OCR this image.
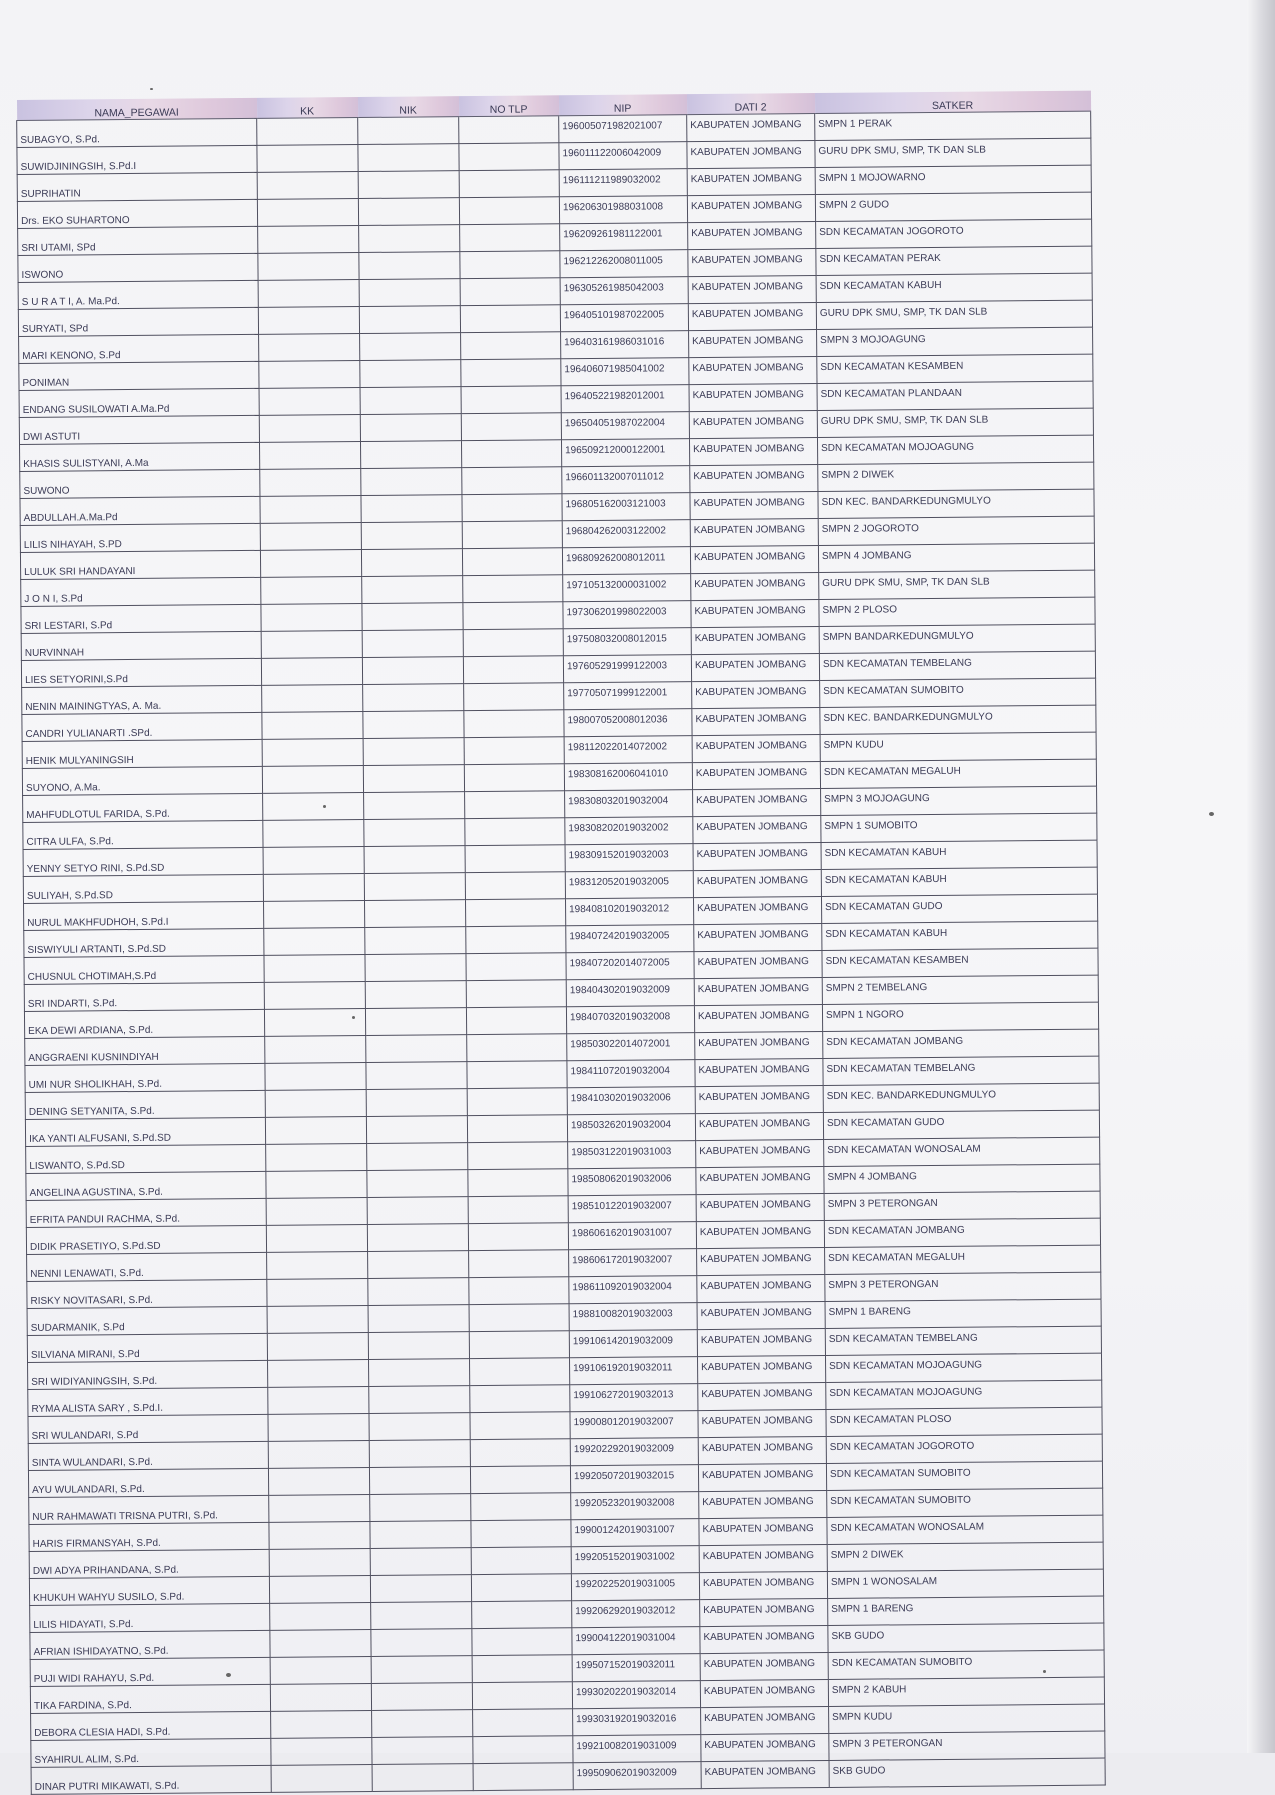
NAMA_PEGAWAI	KK	NIK	NO TLP	NIP	DATI 2	SATKER
SUBAGYO, S.Pd.				196005071982021007	KABUPATEN JOMBANG	SMPN 1 PERAK
SUWIDJININGSIH, S.Pd.I				196011122006042009	KABUPATEN JOMBANG	GURU DPK SMU, SMP, TK DAN SLB
SUPRIHATIN				196111211989032002	KABUPATEN JOMBANG	SMPN 1 MOJOWARNO
Drs. EKO SUHARTONO				196206301988031008	KABUPATEN JOMBANG	SMPN 2 GUDO
SRI UTAMI, SPd				196209261981122001	KABUPATEN JOMBANG	SDN KECAMATAN JOGOROTO
ISWONO				196212262008011005	KABUPATEN JOMBANG	SDN KECAMATAN PERAK
S U R A T I, A. Ma.Pd.				196305261985042003	KABUPATEN JOMBANG	SDN KECAMATAN KABUH
SURYATI, SPd				196405101987022005	KABUPATEN JOMBANG	GURU DPK SMU, SMP, TK DAN SLB
MARI KENONO, S.Pd				196403161986031016	KABUPATEN JOMBANG	SMPN 3 MOJOAGUNG
PONIMAN				196406071985041002	KABUPATEN JOMBANG	SDN KECAMATAN KESAMBEN
ENDANG SUSILOWATI A.Ma.Pd				196405221982012001	KABUPATEN JOMBANG	SDN KECAMATAN PLANDAAN
DWI ASTUTI				196504051987022004	KABUPATEN JOMBANG	GURU DPK SMU, SMP, TK DAN SLB
KHASIS SULISTYANI, A.Ma				196509212000122001	KABUPATEN JOMBANG	SDN KECAMATAN MOJOAGUNG
SUWONO				196601132007011012	KABUPATEN JOMBANG	SMPN 2 DIWEK
ABDULLAH.A.Ma.Pd				196805162003121003	KABUPATEN JOMBANG	SDN KEC. BANDARKEDUNGMULYO
LILIS NIHAYAH, S.PD				196804262003122002	KABUPATEN JOMBANG	SMPN 2 JOGOROTO
LULUK SRI HANDAYANI				196809262008012011	KABUPATEN JOMBANG	SMPN 4 JOMBANG
J O N I, S.Pd				197105132000031002	KABUPATEN JOMBANG	GURU DPK SMU, SMP, TK DAN SLB
SRI LESTARI, S.Pd				197306201998022003	KABUPATEN JOMBANG	SMPN 2 PLOSO
NURVINNAH				197508032008012015	KABUPATEN JOMBANG	SMPN BANDARKEDUNGMULYO
LIES SETYORINI,S.Pd				197605291999122003	KABUPATEN JOMBANG	SDN KECAMATAN TEMBELANG
NENIN MAININGTYAS, A. Ma.				197705071999122001	KABUPATEN JOMBANG	SDN KECAMATAN SUMOBITO
CANDRI YULIANARTI .SPd.				198007052008012036	KABUPATEN JOMBANG	SDN KEC. BANDARKEDUNGMULYO
HENIK MULYANINGSIH				198112022014072002	KABUPATEN JOMBANG	SMPN KUDU
SUYONO, A.Ma.				198308162006041010	KABUPATEN JOMBANG	SDN KECAMATAN MEGALUH
MAHFUDLOTUL FARIDA, S.Pd.				198308032019032004	KABUPATEN JOMBANG	SMPN 3 MOJOAGUNG
CITRA ULFA, S.Pd.				198308202019032002	KABUPATEN JOMBANG	SMPN 1 SUMOBITO
YENNY SETYO RINI, S.Pd.SD				198309152019032003	KABUPATEN JOMBANG	SDN KECAMATAN KABUH
SULIYAH, S.Pd.SD				198312052019032005	KABUPATEN JOMBANG	SDN KECAMATAN KABUH
NURUL MAKHFUDHOH, S.Pd.I				198408102019032012	KABUPATEN JOMBANG	SDN KECAMATAN GUDO
SISWIYULI ARTANTI, S.Pd.SD				198407242019032005	KABUPATEN JOMBANG	SDN KECAMATAN KABUH
CHUSNUL CHOTIMAH,S.Pd				198407202014072005	KABUPATEN JOMBANG	SDN KECAMATAN KESAMBEN
SRI INDARTI, S.Pd.				198404302019032009	KABUPATEN JOMBANG	SMPN 2 TEMBELANG
EKA DEWI ARDIANA, S.Pd.				198407032019032008	KABUPATEN JOMBANG	SMPN 1 NGORO
ANGGRAENI KUSNINDIYAH				198503022014072001	KABUPATEN JOMBANG	SDN KECAMATAN JOMBANG
UMI NUR SHOLIKHAH, S.Pd.				198411072019032004	KABUPATEN JOMBANG	SDN KECAMATAN TEMBELANG
DENING SETYANITA, S.Pd.				198410302019032006	KABUPATEN JOMBANG	SDN KEC. BANDARKEDUNGMULYO
IKA YANTI ALFUSANI, S.Pd.SD				198503262019032004	KABUPATEN JOMBANG	SDN KECAMATAN GUDO
LISWANTO, S.Pd.SD				198503122019031003	KABUPATEN JOMBANG	SDN KECAMATAN WONOSALAM
ANGELINA AGUSTINA, S.Pd.				198508062019032006	KABUPATEN JOMBANG	SMPN 4 JOMBANG
EFRITA PANDUI RACHMA, S.Pd.				198510122019032007	KABUPATEN JOMBANG	SMPN 3 PETERONGAN
DIDIK PRASETIYO, S.Pd.SD				198606162019031007	KABUPATEN JOMBANG	SDN KECAMATAN JOMBANG
NENNI LENAWATI, S.Pd.				198606172019032007	KABUPATEN JOMBANG	SDN KECAMATAN MEGALUH
RISKY NOVITASARI, S.Pd.				198611092019032004	KABUPATEN JOMBANG	SMPN 3 PETERONGAN
SUDARMANIK, S.Pd				198810082019032003	KABUPATEN JOMBANG	SMPN 1 BARENG
SILVIANA MIRANI, S.Pd				199106142019032009	KABUPATEN JOMBANG	SDN KECAMATAN TEMBELANG
SRI WIDIYANINGSIH, S.Pd.				199106192019032011	KABUPATEN JOMBANG	SDN KECAMATAN MOJOAGUNG
RYMA ALISTA SARY , S.Pd.I.				199106272019032013	KABUPATEN JOMBANG	SDN KECAMATAN MOJOAGUNG
SRI WULANDARI, S.Pd				199008012019032007	KABUPATEN JOMBANG	SDN KECAMATAN PLOSO
SINTA WULANDARI, S.Pd.				199202292019032009	KABUPATEN JOMBANG	SDN KECAMATAN JOGOROTO
AYU WULANDARI, S.Pd.				199205072019032015	KABUPATEN JOMBANG	SDN KECAMATAN SUMOBITO
NUR RAHMAWATI TRISNA PUTRI, S.Pd.				199205232019032008	KABUPATEN JOMBANG	SDN KECAMATAN SUMOBITO
HARIS FIRMANSYAH, S.Pd.				199001242019031007	KABUPATEN JOMBANG	SDN KECAMATAN WONOSALAM
DWI ADYA PRIHANDANA, S.Pd.				199205152019031002	KABUPATEN JOMBANG	SMPN 2 DIWEK
KHUKUH WAHYU SUSILO, S.Pd.				199202252019031005	KABUPATEN JOMBANG	SMPN 1 WONOSALAM
LILIS HIDAYATI, S.Pd.				199206292019032012	KABUPATEN JOMBANG	SMPN 1 BARENG
AFRIAN ISHIDAYATNO, S.Pd.				199004122019031004	KABUPATEN JOMBANG	SKB GUDO
PUJI WIDI RAHAYU, S.Pd.				199507152019032011	KABUPATEN JOMBANG	SDN KECAMATAN SUMOBITO
TIKA FARDINA, S.Pd.				199302022019032014	KABUPATEN JOMBANG	SMPN 2 KABUH
DEBORA CLESIA HADI, S.Pd.				199303192019032016	KABUPATEN JOMBANG	SMPN KUDU
SYAHIRUL ALIM, S.Pd.				199210082019031009	KABUPATEN JOMBANG	SMPN 3 PETERONGAN
DINAR PUTRI MIKAWATI, S.Pd.				199509062019032009	KABUPATEN JOMBANG	SKB GUDO
